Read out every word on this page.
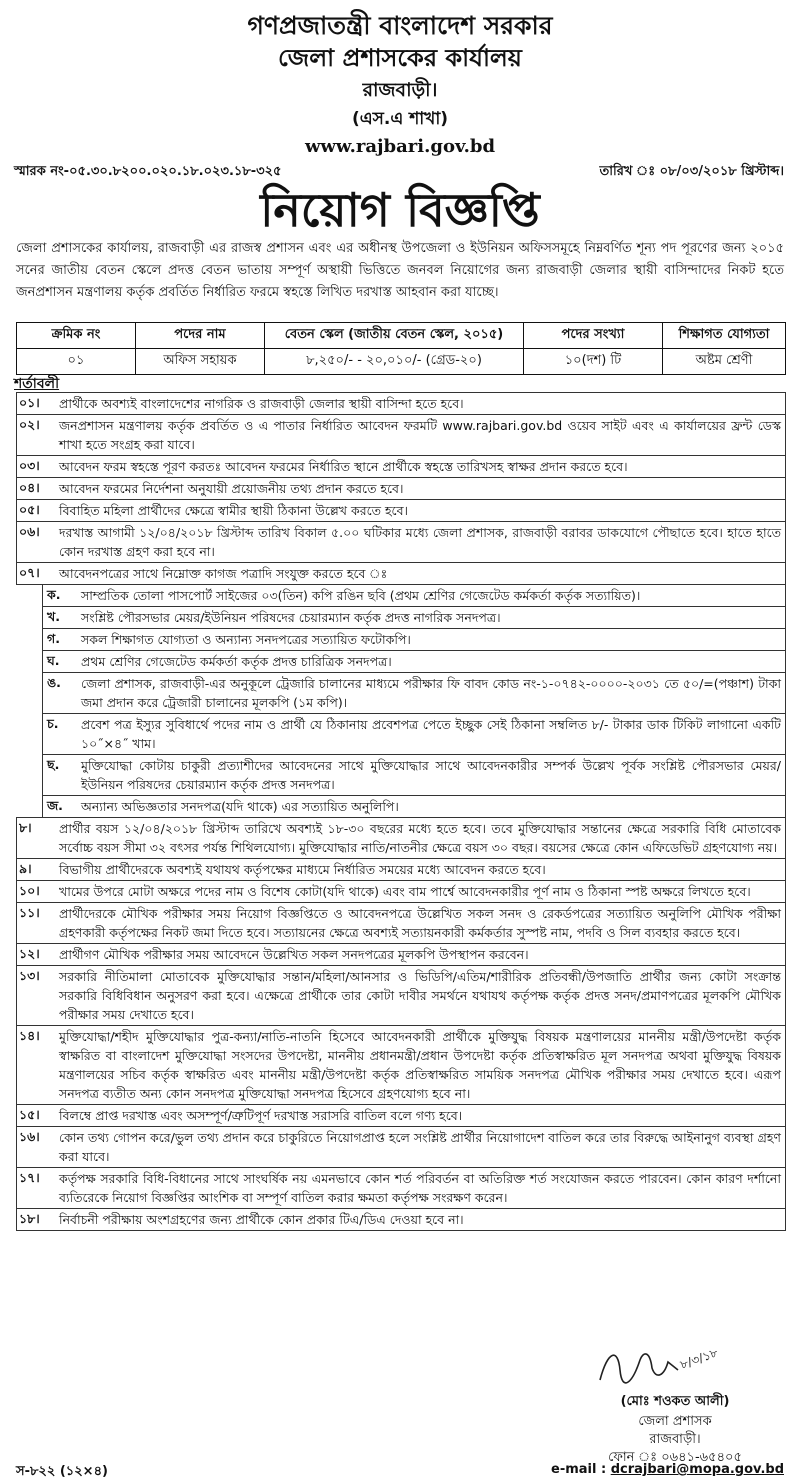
গণপ্রজাতন্ত্রী বাংলাদেশ সরকার
জেলা প্রশাসকের কার্যালয়
রাজবাড়ী।
(এস.এ শাখা)
www.rajbari.gov.bd
স্মারক নং-০৫.৩০.৮২০০.০২০.১৮.০২৩.১৮-৩২৫	তারিখ ঃ ০৮/০৩/২০১৮ খ্রিস্টাব্দ।
নিয়োগ বিজ্ঞপ্তি
জেলা প্রশাসকের কার্যালয়, রাজবাড়ী এর রাজস্ব প্রশাসন এবং এর অধীনস্থ উপজেলা ও ইউনিয়ন অফিসসমূহে নিম্নবর্ণিত শূন্য পদ পূরণের জন্য ২০১৫ সনের জাতীয় বেতন স্কেলে প্রদত্ত বেতন ভাতায় সম্পূর্ণ অস্থায়ী ভিত্তিতে জনবল নিয়োগের জন্য রাজবাড়ী জেলার স্থায়ী বাসিন্দাদের নিকট হতে জনপ্রশাসন মন্ত্রণালয় কর্তৃক প্রবর্তিত নির্ধারিত ফরমে স্বহস্তে লিখিত দরখাস্ত আহবান করা যাচ্ছে।
ক্রমিক নং	পদের নাম	বেতন স্কেল (জাতীয় বেতন স্কেল, ২০১৫)	পদের সংখ্যা	শিক্ষাগত যোগ্যতা
০১	অফিস সহায়ক	৮,২৫০/- - ২০,০১০/- (গ্রেড-২০)	১০(দশ) টি	অষ্টম শ্রেণী
শর্তাবলী
০১।	প্রার্থীকে অবশ্যই বাংলাদেশের নাগরিক ও রাজবাড়ী জেলার স্থায়ী বাসিন্দা হতে হবে।
০২।	জনপ্রশাসন মন্ত্রণালয় কর্তৃক প্রবর্তিত ও এ পাতার নির্ধারিত আবেদন ফরমটি www.rajbari.gov.bd ওয়েব সাইট এবং এ কার্যালয়ের ফ্রন্ট ডেস্ক শাখা হতে সংগ্রহ করা যাবে।
০৩।	আবেদন ফরম স্বহস্তে পূরণ করতঃ আবেদন ফরমের নির্ধারিত স্থানে প্রার্থীকে স্বহস্তে তারিখসহ স্বাক্ষর প্রদান করতে হবে।
০৪।	আবেদন ফরমের নির্দেশনা অনুযায়ী প্রয়োজনীয় তথ্য প্রদান করতে হবে।
০৫।	বিবাহিত মহিলা প্রার্থীদের ক্ষেত্রে স্বামীর স্থায়ী ঠিকানা উল্লেখ করতে হবে।
০৬।	দরখাস্ত আগামী ১২/০৪/২০১৮ খ্রিস্টাব্দ তারিখ বিকাল ৫.০০ ঘটিকার মধ্যে জেলা প্রশাসক, রাজবাড়ী বরাবর ডাকযোগে পৌছাতে হবে। হাতে হাতে কোন দরখাস্ত গ্রহণ করা হবে না।
০৭।	আবেদনপত্রের সাথে নিম্নোক্ত কাগজ পত্রাদি সংযুক্ত করতে হবে ঃ
ক.	সাম্প্রতিক তোলা পাসপোর্ট সাইজের ০৩(তিন) কপি রঙিন ছবি (প্রথম শ্রেণির গেজেটেড কর্মকর্তা কর্তৃক সত্যায়িত)।
খ.	সংশ্লিষ্ট পৌরসভার মেয়র/ইউনিয়ন পরিষদের চেয়ারম্যান কর্তৃক প্রদত্ত নাগরিক সনদপত্র।
গ.	সকল শিক্ষাগত যোগ্যতা ও অন্যান্য সনদপত্রের সত্যায়িত ফটোকপি।
ঘ.	প্রথম শ্রেণির গেজেটেড কর্মকর্তা কর্তৃক প্রদত্ত চারিত্রিক সনদপত্র।
ঙ.	জেলা প্রশাসক, রাজবাড়ী-এর অনুকূলে ট্রেজারি চালানের মাধ্যমে পরীক্ষার ফি বাবদ কোড নং-১-০৭৪২-০০০০-২০৩১ তে ৫০/=(পঞ্চাশ) টাকা জমা প্রদান করে ট্রেজারী চালানের মূলকপি (১ম কপি)।
চ.	প্রবেশ পত্র ইস্যুর সুবিধার্থে পদের নাম ও প্রার্থী যে ঠিকানায় প্রবেশপত্র পেতে ইচ্ছুক সেই ঠিকানা সম্বলিত ৮/- টাকার ডাক টিকিট লাগানো একটি ১০˝×৪˝ খাম।
ছ.	মুক্তিযোদ্ধা কোটায় চাকুরী প্রত্যাশীদের আবেদনের সাথে মুক্তিযোদ্ধার সাথে আবেদনকারীর সম্পর্ক উল্লেখ পূর্বক সংশ্লিষ্ট পৌরসভার মেয়র/ইউনিয়ন পরিষদের চেয়ারম্যান কর্তৃক প্রদত্ত সনদপত্র।
জ.	অন্যান্য অভিজ্ঞতার সনদপত্র(যদি থাকে) এর সত্যায়িত অনুলিপি।
৮।	প্রার্থীর বয়স ১২/০৪/২০১৮ খ্রিস্টাব্দ তারিখে অবশ্যই ১৮-৩০ বছরের মধ্যে হতে হবে। তবে মুক্তিযোদ্ধার সন্তানের ক্ষেত্রে সরকারি বিধি মোতাবেক সর্বোচ্চ বয়স সীমা ৩২ বৎসর পর্যন্ত শিথিলযোগ্য। মুক্তিযোদ্ধার নাতি/নাতনীর ক্ষেত্রে বয়স ৩০ বছর। বয়সের ক্ষেত্রে কোন এফিডেভিট গ্রহণযোগ্য নয়।
৯।	বিভাগীয় প্রার্থীদেরকে অবশ্যই যথাযথ কর্তৃপক্ষের মাধ্যমে নির্ধারিত সময়ের মধ্যে আবেদন করতে হবে।
১০।	খামের উপরে মোটা অক্ষরে পদের নাম ও বিশেষ কোটা(যদি থাকে) এবং বাম পার্শ্বে আবেদনকারীর পূর্ণ নাম ও ঠিকানা স্পষ্ট অক্ষরে লিখতে হবে।
১১।	প্রার্থীদেরকে মৌখিক পরীক্ষার সময় নিয়োগ বিজ্ঞপ্তিতে ও আবেদনপত্রে উল্লেখিত সকল সনদ ও রেকর্ডপত্রের সত্যায়িত অনুলিপি মৌখিক পরীক্ষা গ্রহণকারী কর্তৃপক্ষের নিকট জমা দিতে হবে। সত্যায়নের ক্ষেত্রে অবশ্যই সত্যায়নকারী কর্মকর্তার সুস্পষ্ট নাম, পদবি ও সিল ব্যবহার করতে হবে।
১২।	প্রার্থীগণ মৌখিক পরীক্ষার সময় আবেদনে উল্লেখিত সকল সনদপত্রের মূলকপি উপস্থাপন করবেন।
১৩।	সরকারি নীতিমালা মোতাবেক মুক্তিযোদ্ধার সন্তান/মহিলা/আনসার ও ভিডিপি/এতিম/শারীরিক প্রতিবন্ধী/উপজাতি প্রার্থীর জন্য কোটা সংক্রান্ত সরকারি বিধিবিধান অনুসরণ করা হবে। এক্ষেত্রে প্রার্থীকে তার কোটা দাবীর সমর্থনে যথাযথ কর্তৃপক্ষ কর্তৃক প্রদত্ত সনদ/প্রমাণপত্রের মূলকপি মৌখিক পরীক্ষার সময় দেখাতে হবে।
১৪।	মুক্তিযোদ্ধা/শহীদ মুক্তিযোদ্ধার পুত্র-কন্যা/নাতি-নাতনি হিসেবে আবেদনকারী প্রার্থীকে মুক্তিযুদ্ধ বিষয়ক মন্ত্রণালয়ের মাননীয় মন্ত্রী/উপদেষ্টা কর্তৃক স্বাক্ষরিত বা বাংলাদেশ মুক্তিযোদ্ধা সংসদের উপদেষ্টা, মাননীয় প্রধানমন্ত্রী/প্রধান উপদেষ্টা কর্তৃক প্রতিস্বাক্ষরিত মূল সনদপত্র অথবা মুক্তিযুদ্ধ বিষয়ক মন্ত্রণালয়ের সচিব কর্তৃক স্বাক্ষরিত এবং মাননীয় মন্ত্রী/উপদেষ্টা কর্তৃক প্রতিস্বাক্ষরিত সাময়িক সনদপত্র মৌখিক পরীক্ষার সময় দেখাতে হবে। এরূপ সনদপত্র ব্যতীত অন্য কোন সনদপত্র মুক্তিযোদ্ধা সনদপত্র হিসেবে গ্রহণযোগ্য হবে না।
১৫।	বিলম্বে প্রাপ্ত দরখাস্ত এবং অসম্পূর্ণ/ত্রুটিপূর্ণ দরখাস্ত সরাসরি বাতিল বলে গণ্য হবে।
১৬।	কোন তথ্য গোপন করে/ভুল তথ্য প্রদান করে চাকুরিতে নিয়োগপ্রাপ্ত হলে সংশ্লিষ্ট প্রার্থীর নিয়োগাদেশ বাতিল করে তার বিরুদ্ধে আইনানুগ ব্যবস্থা গ্রহণ করা যাবে।
১৭।	কর্তৃপক্ষ সরকারি বিধি-বিধানের সাথে সাংঘর্ষিক নয় এমনভাবে কোন শর্ত পরিবর্তন বা অতিরিক্ত শর্ত সংযোজন করতে পারবেন। কোন কারণ দর্শানো ব্যতিরেকে নিয়োগ বিজ্ঞপ্তির আংশিক বা সম্পূর্ণ বাতিল করার ক্ষমতা কর্তৃপক্ষ সংরক্ষণ করেন।
১৮।	নির্বাচনী পরীক্ষায় অংশগ্রহণের জন্য প্রার্থীকে কোন প্রকার টিএ/ডিএ দেওয়া হবে না।
৮/৩/১৮
(মোঃ শওকত আলী)
জেলা প্রশাসক
রাজবাড়ী।
ফোন ঃ ০৬৪১-৬৫৪০৫
স-৮২২ (১২×৪)	e-mail : dcrajbari@mopa.gov.bd
